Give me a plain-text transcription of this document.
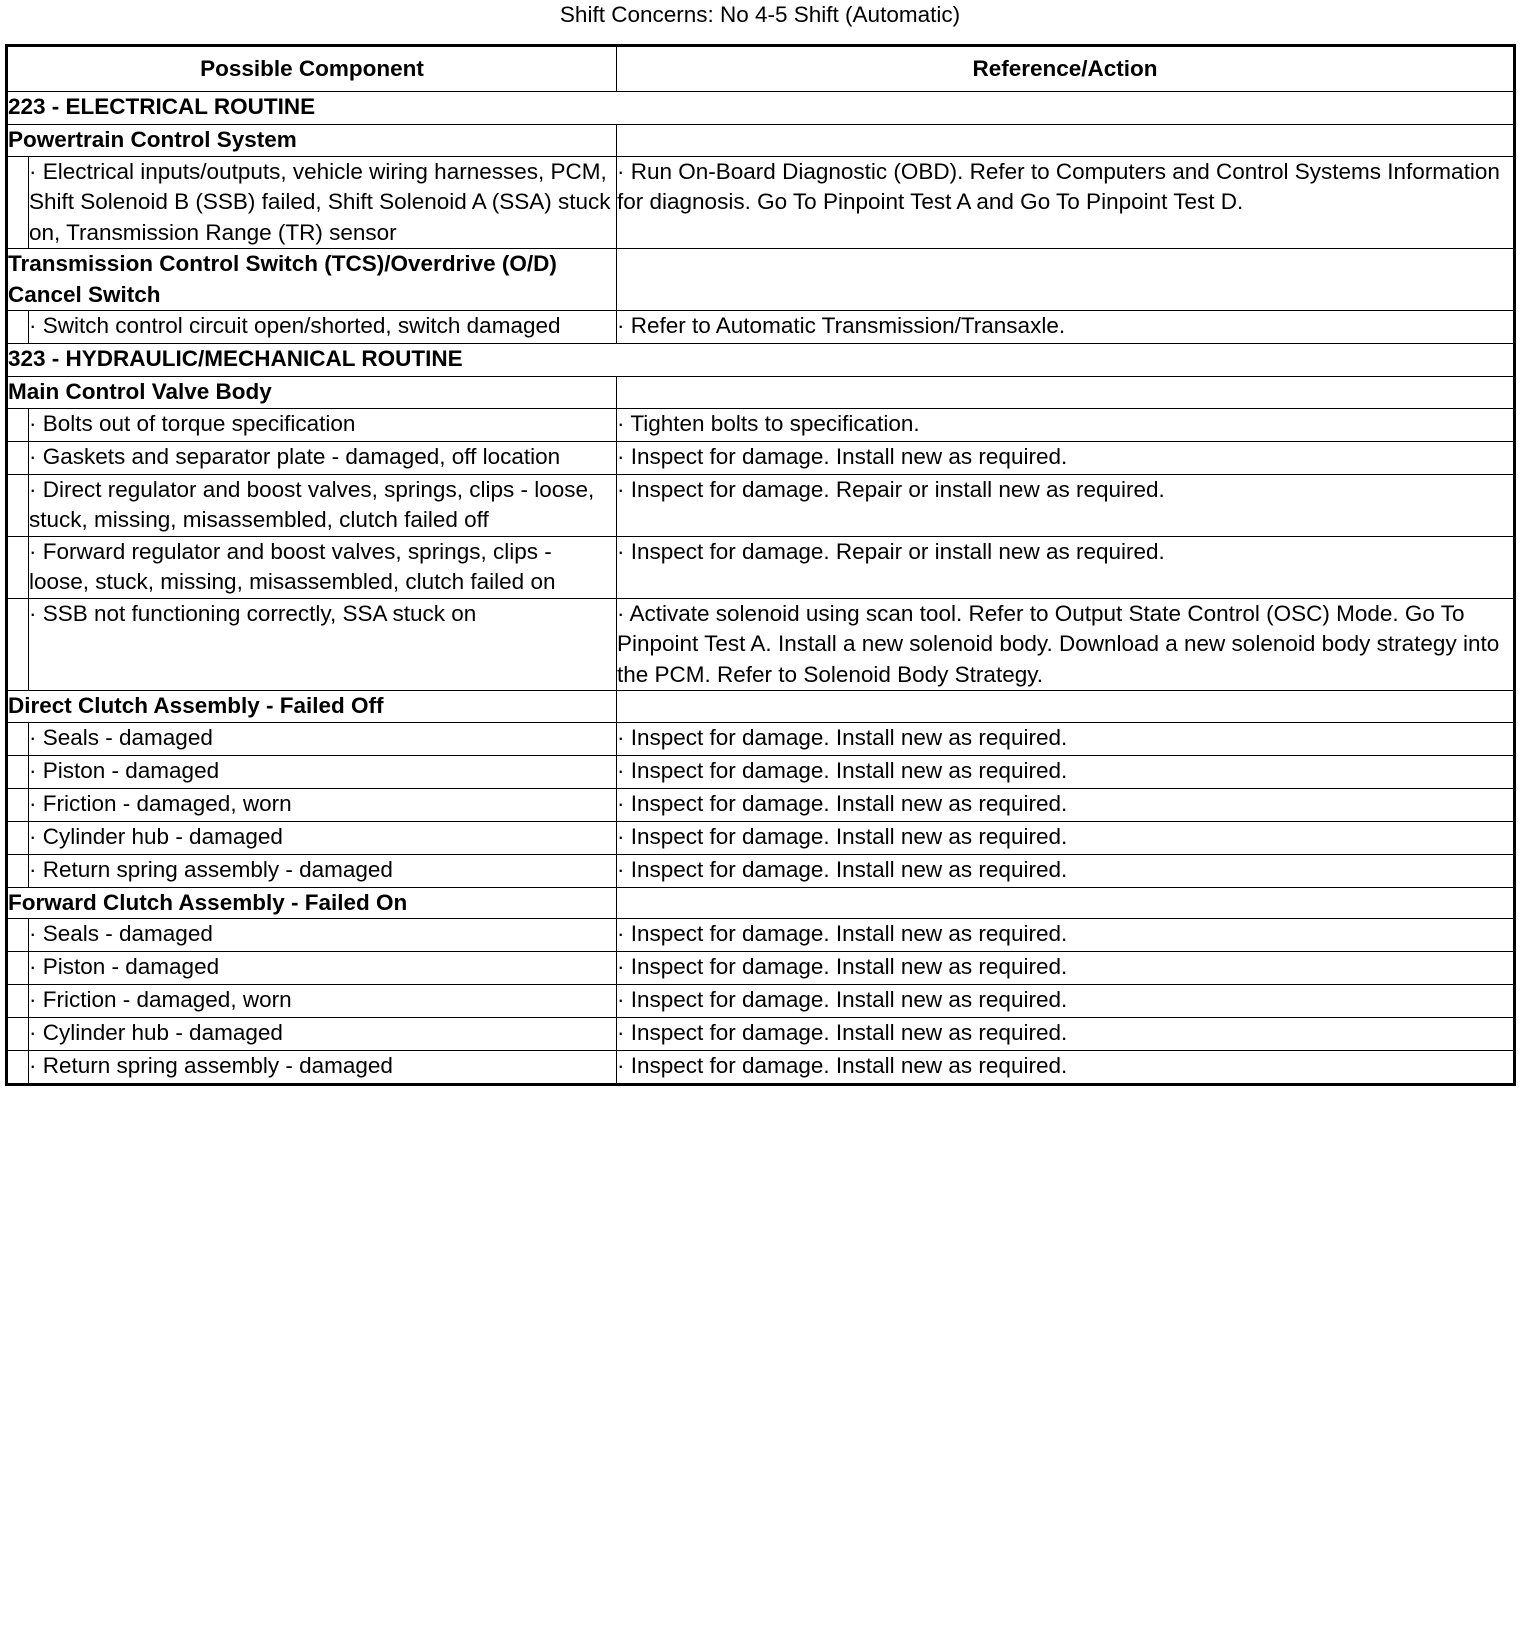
Shift Concerns: No 4-5 Shift (Automatic)
Possible Component		Reference/Action
223 - ELECTRICAL ROUTINE		
Powertrain Control System		
	· Electrical inputs/outputs, vehicle wiring harnesses, PCM, Shift Solenoid B (SSB) failed, Shift Solenoid A (SSA) stuck on, Transmission Range (TR) sensor	· Run On-Board Diagnostic (OBD). Refer to Computers and Control Systems Information for diagnosis. Go To Pinpoint Test A and Go To Pinpoint Test D.
Transmission Control Switch (TCS)/Overdrive (O/D) Cancel Switch		
	· Switch control circuit open/shorted, switch damaged	· Refer to Automatic Transmission/Transaxle.
323 - HYDRAULIC/MECHANICAL ROUTINE		
Main Control Valve Body		
	· Bolts out of torque specification	· Tighten bolts to specification.
	· Gaskets and separator plate - damaged, off location	· Inspect for damage. Install new as required.
	· Direct regulator and boost valves, springs, clips - loose, stuck, missing, misassembled, clutch failed off	· Inspect for damage. Repair or install new as required.
	· Forward regulator and boost valves, springs, clips - loose, stuck, missing, misassembled, clutch failed on	· Inspect for damage. Repair or install new as required.
	· SSB not functioning correctly, SSA stuck on	· Activate solenoid using scan tool. Refer to Output State Control (OSC) Mode. Go To Pinpoint Test A. Install a new solenoid body. Download a new solenoid body strategy into the PCM. Refer to Solenoid Body Strategy.
Direct Clutch Assembly - Failed Off		
	· Seals - damaged	· Inspect for damage. Install new as required.
	· Piston - damaged	· Inspect for damage. Install new as required.
	· Friction - damaged, worn	· Inspect for damage. Install new as required.
	· Cylinder hub - damaged	· Inspect for damage. Install new as required.
	· Return spring assembly - damaged	· Inspect for damage. Install new as required.
Forward Clutch Assembly - Failed On		
	· Seals - damaged	· Inspect for damage. Install new as required.
	· Piston - damaged	· Inspect for damage. Install new as required.
	· Friction - damaged, worn	· Inspect for damage. Install new as required.
	· Cylinder hub - damaged	· Inspect for damage. Install new as required.
	· Return spring assembly - damaged	· Inspect for damage. Install new as required.
